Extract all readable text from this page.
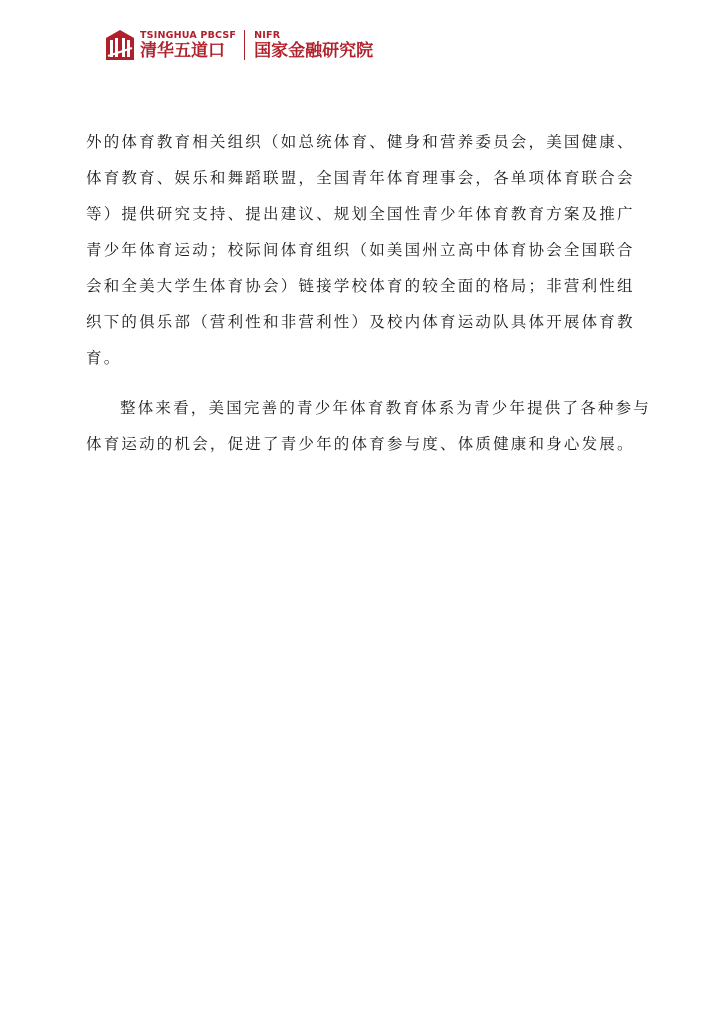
TSINGHUA PBCSF
清华五道口
NIFR
国家金融研究院

外的体育教育相关组织（如总统体育、健身和营养委员会，美国健康、体育教育、娱乐和舞蹈联盟，全国青年体育理事会，各单项体育联合会等）提供研究支持、提出建议、规划全国性青少年体育教育方案及推广青少年体育运动；校际间体育组织（如美国州立高中体育协会全国联合会和全美大学生体育协会）链接学校体育的较全面的格局；非营利性组织下的俱乐部（营利性和非营利性）及校内体育运动队具体开展体育教育。

整体来看，美国完善的青少年体育教育体系为青少年提供了各种参与体育运动的机会，促进了青少年的体育参与度、体质健康和身心发展。
